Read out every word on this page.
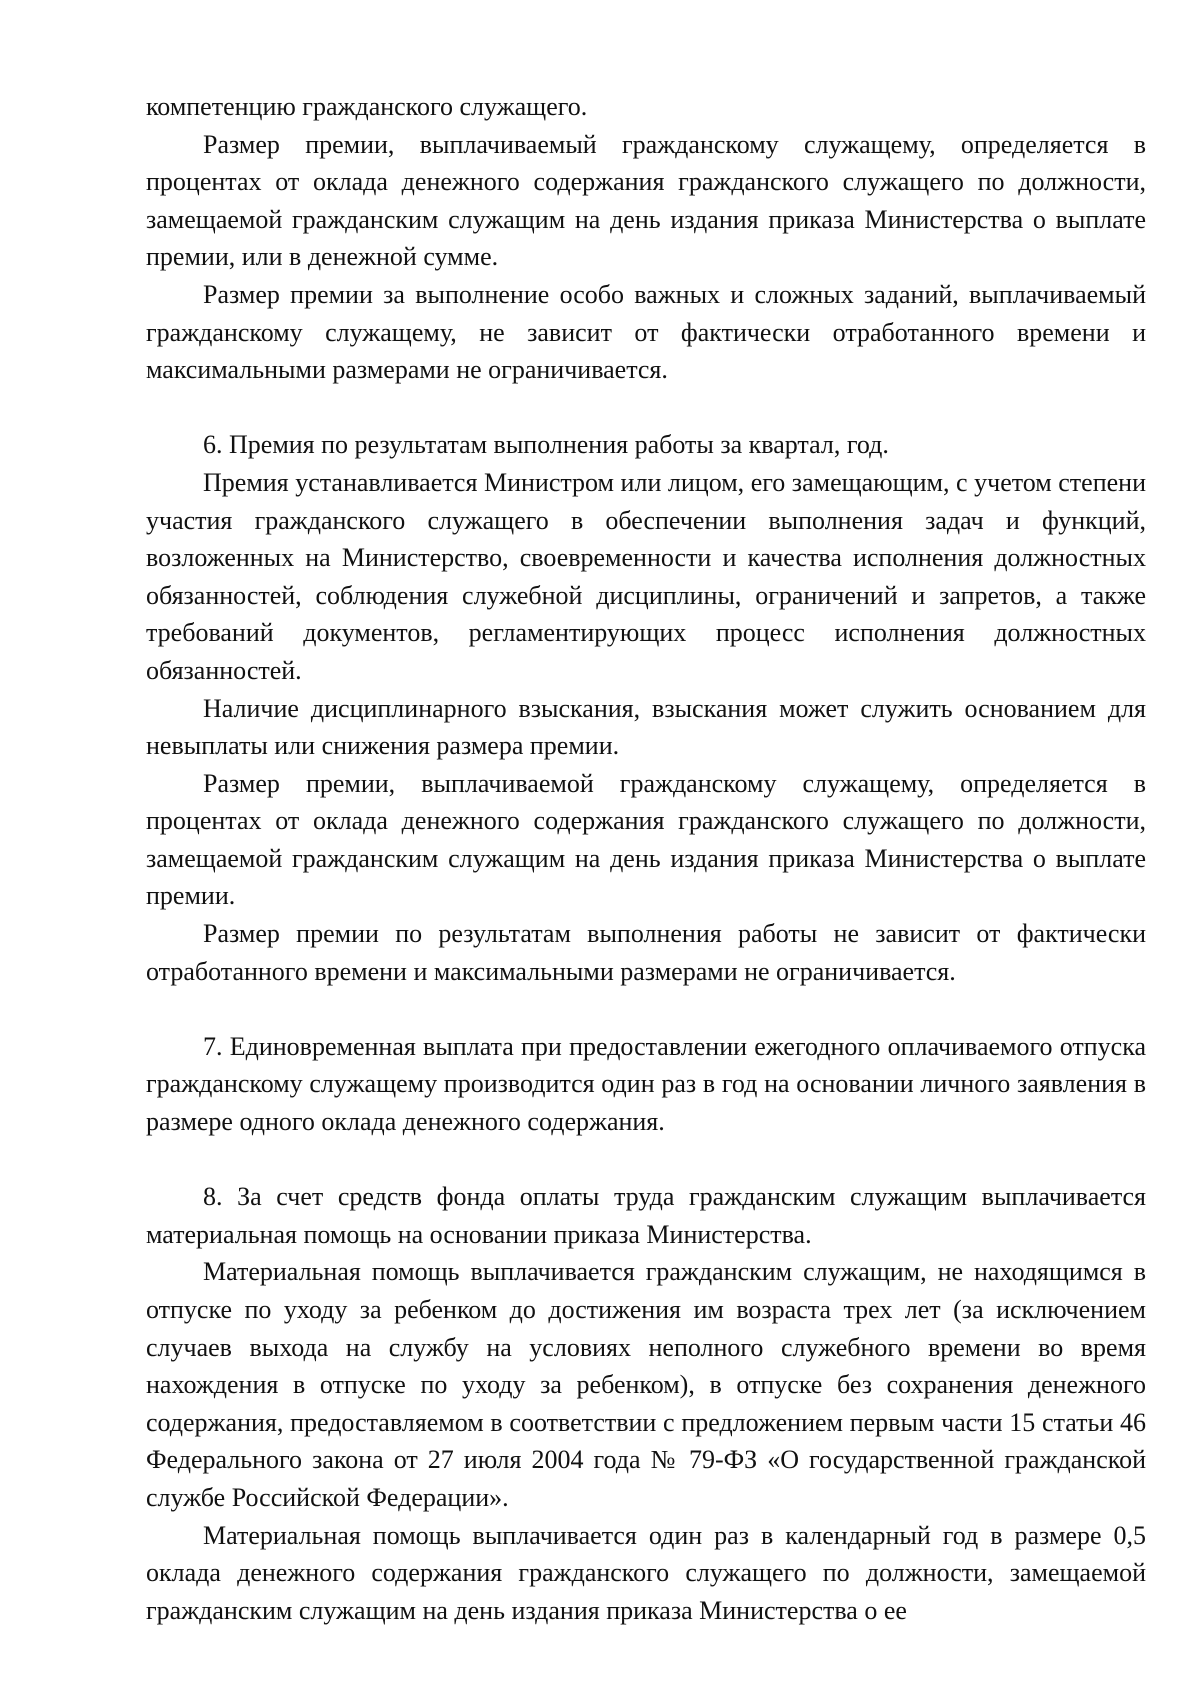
компетенцию гражданского служащего.

Размер премии, выплачиваемый гражданскому служащему, определяется в процентах от оклада денежного содержания гражданского служащего по должности, замещаемой гражданским служащим на день издания приказа Министерства о выплате премии, или в денежной сумме.

Размер премии за выполнение особо важных и сложных заданий, выплачиваемый гражданскому служащему, не зависит от фактически отработанного времени и максимальными размерами не ограничивается.

6. Премия по результатам выполнения работы за квартал, год.

Премия устанавливается Министром или лицом, его замещающим, с учетом степени участия гражданского служащего в обеспечении выполнения задач и функций, возложенных на Министерство, своевременности и качества исполнения должностных обязанностей, соблюдения служебной дисциплины, ограничений и запретов, а также требований документов, регламентирующих процесс исполнения должностных обязанностей.

Наличие дисциплинарного взыскания, взыскания может служить основанием для невыплаты или снижения размера премии.

Размер премии, выплачиваемой гражданскому служащему, определяется в процентах от оклада денежного содержания гражданского служащего по должности, замещаемой гражданским служащим на день издания приказа Министерства о выплате премии.

Размер премии по результатам выполнения работы не зависит от фактически отработанного времени и максимальными размерами не ограничивается.

7. Единовременная выплата при предоставлении ежегодного оплачиваемого отпуска гражданскому служащему производится один раз в год на основании личного заявления в размере одного оклада денежного содержания.

8. За счет средств фонда оплаты труда гражданским служащим выплачивается материальная помощь на основании приказа Министерства.

Материальная помощь выплачивается гражданским служащим, не находящимся в отпуске по уходу за ребенком до достижения им возраста трех лет (за исключением случаев выхода на службу на условиях неполного служебного времени во время нахождения в отпуске по уходу за ребенком), в отпуске без сохранения денежного содержания, предоставляемом в соответствии с предложением первым части 15 статьи 46 Федерального закона от 27 июля 2004 года № 79-ФЗ «О государственной гражданской службе Российской Федерации».

Материальная помощь выплачивается один раз в календарный год в размере 0,5 оклада денежного содержания гражданского служащего по должности, замещаемой гражданским служащим на день издания приказа Министерства о ее
